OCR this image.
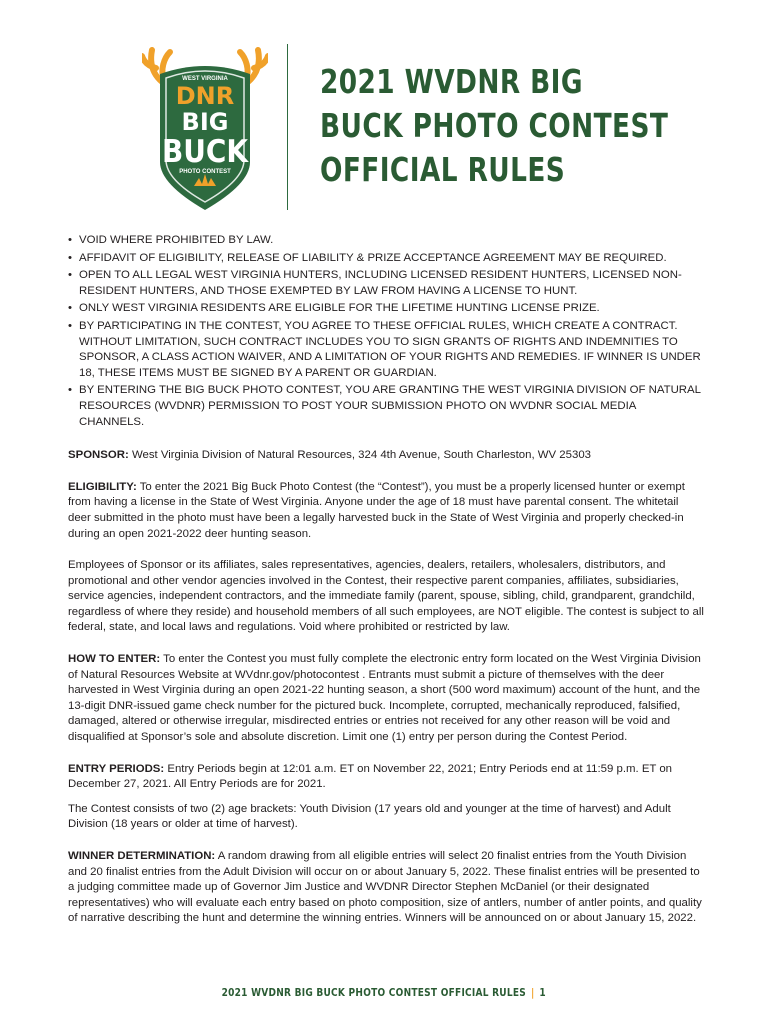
WEST VIRGINIA
DNR
BIG
BUCK
PHOTO CONTEST
2021 WVDNR BIG
BUCK PHOTO CONTEST
OFFICIAL RULES
• VOID WHERE PROHIBITED BY LAW.
• AFFIDAVIT OF ELIGIBILITY, RELEASE OF LIABILITY & PRIZE ACCEPTANCE AGREEMENT MAY BE REQUIRED.
• OPEN TO ALL LEGAL WEST VIRGINIA HUNTERS, INCLUDING LICENSED RESIDENT HUNTERS, LICENSED NON-RESIDENT HUNTERS, AND THOSE EXEMPTED BY LAW FROM HAVING A LICENSE TO HUNT.
• ONLY WEST VIRGINIA RESIDENTS ARE ELIGIBLE FOR THE LIFETIME HUNTING LICENSE PRIZE.
• BY PARTICIPATING IN THE CONTEST, YOU AGREE TO THESE OFFICIAL RULES, WHICH CREATE A CONTRACT. WITHOUT LIMITATION, SUCH CONTRACT INCLUDES YOU TO SIGN GRANTS OF RIGHTS AND INDEMNITIES TO SPONSOR, A CLASS ACTION WAIVER, AND A LIMITATION OF YOUR RIGHTS AND REMEDIES. IF WINNER IS UNDER 18, THESE ITEMS MUST BE SIGNED BY A PARENT OR GUARDIAN.
• BY ENTERING THE BIG BUCK PHOTO CONTEST, YOU ARE GRANTING THE WEST VIRGINIA DIVISION OF NATURAL RESOURCES (WVDNR) PERMISSION TO POST YOUR SUBMISSION PHOTO ON WVDNR SOCIAL MEDIA CHANNELS.

SPONSOR: West Virginia Division of Natural Resources, 324 4th Avenue, South Charleston, WV 25303

ELIGIBILITY: To enter the 2021 Big Buck Photo Contest (the “Contest”), you must be a properly licensed hunter or exempt from having a license in the State of West Virginia. Anyone under the age of 18 must have parental consent. The whitetail deer submitted in the photo must have been a legally harvested buck in the State of West Virginia and properly checked-in during an open 2021-2022 deer hunting season.

Employees of Sponsor or its affiliates, sales representatives, agencies, dealers, retailers, wholesalers, distributors, and promotional and other vendor agencies involved in the Contest, their respective parent companies, affiliates, subsidiaries, service agencies, independent contractors, and the immediate family (parent, spouse, sibling, child, grandparent, grandchild, regardless of where they reside) and household members of all such employees, are NOT eligible. The contest is subject to all federal, state, and local laws and regulations. Void where prohibited or restricted by law.

HOW TO ENTER: To enter the Contest you must fully complete the electronic entry form located on the West Virginia Division of Natural Resources Website at WVdnr.gov/photocontest . Entrants must submit a picture of themselves with the deer harvested in West Virginia during an open 2021-22 hunting season, a short (500 word maximum) account of the hunt, and the 13-digit DNR-issued game check number for the pictured buck. Incomplete, corrupted, mechanically reproduced, falsified, damaged, altered or otherwise irregular, misdirected entries or entries not received for any other reason will be void and disqualified at Sponsor’s sole and absolute discretion. Limit one (1) entry per person during the Contest Period.

ENTRY PERIODS: Entry Periods begin at 12:01 a.m. ET on November 22, 2021; Entry Periods end at 11:59 p.m. ET on December 27, 2021. All Entry Periods are for 2021.

The Contest consists of two (2) age brackets: Youth Division (17 years old and younger at the time of harvest) and Adult Division (18 years or older at time of harvest).

WINNER DETERMINATION: A random drawing from all eligible entries will select 20 finalist entries from the Youth Division and 20 finalist entries from the Adult Division will occur on or about January 5, 2022. These finalist entries will be presented to a judging committee made up of Governor Jim Justice and WVDNR Director Stephen McDaniel (or their designated representatives) who will evaluate each entry based on photo composition, size of antlers, number of antler points, and quality of narrative describing the hunt and determine the winning entries. Winners will be announced on or about January 15, 2022.

2021 WVDNR BIG BUCK PHOTO CONTEST OFFICIAL RULES | 1
